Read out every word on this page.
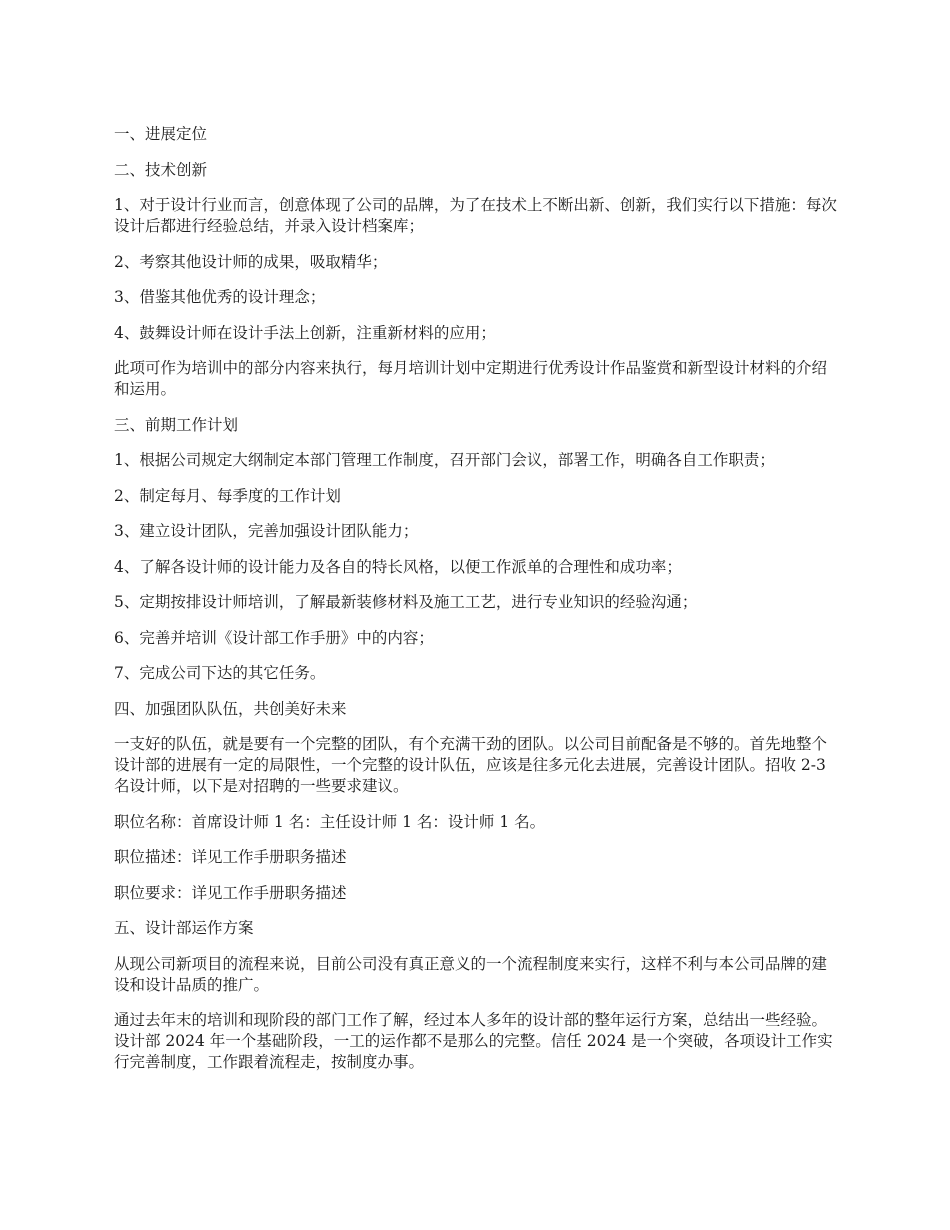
一、进展定位

二、技术创新

1、对于设计行业而言，创意体现了公司的品牌，为了在技术上不断出新、创新，我们实行以下措施：每次设计后都进行经验总结，并录入设计档案库；

2、考察其他设计师的成果，吸取精华；

3、借鉴其他优秀的设计理念；

4、鼓舞设计师在设计手法上创新，注重新材料的应用；

此项可作为培训中的部分内容来执行，每月培训计划中定期进行优秀设计作品鉴赏和新型设计材料的介绍和运用。

三、前期工作计划

1、根据公司规定大纲制定本部门管理工作制度，召开部门会议，部署工作，明确各自工作职责；

2、制定每月、每季度的工作计划

3、建立设计团队，完善加强设计团队能力；

4、了解各设计师的设计能力及各自的特长风格，以便工作派单的合理性和成功率；

5、定期按排设计师培训，了解最新装修材料及施工工艺，进行专业知识的经验沟通；

6、完善并培训《设计部工作手册》中的内容；

7、完成公司下达的其它任务。

四、加强团队队伍，共创美好未来

一支好的队伍，就是要有一个完整的团队，有个充满干劲的团队。以公司目前配备是不够的。首先地整个设计部的进展有一定的局限性，一个完整的设计队伍，应该是往多元化去进展，完善设计团队。招收 2-3 名设计师，以下是对招聘的一些要求建议。

职位名称：首席设计师 1 名：主任设计师 1 名：设计师 1 名。

职位描述：详见工作手册职务描述

职位要求：详见工作手册职务描述

五、设计部运作方案

从现公司新项目的流程来说，目前公司没有真正意义的一个流程制度来实行，这样不利与本公司品牌的建设和设计品质的推广。

通过去年末的培训和现阶段的部门工作了解，经过本人多年的设计部的整年运行方案，总结出一些经验。设计部 2024 年一个基础阶段，一工的运作都不是那么的完整。信任 2024 是一个突破，各项设计工作实行完善制度，工作跟着流程走，按制度办事。
